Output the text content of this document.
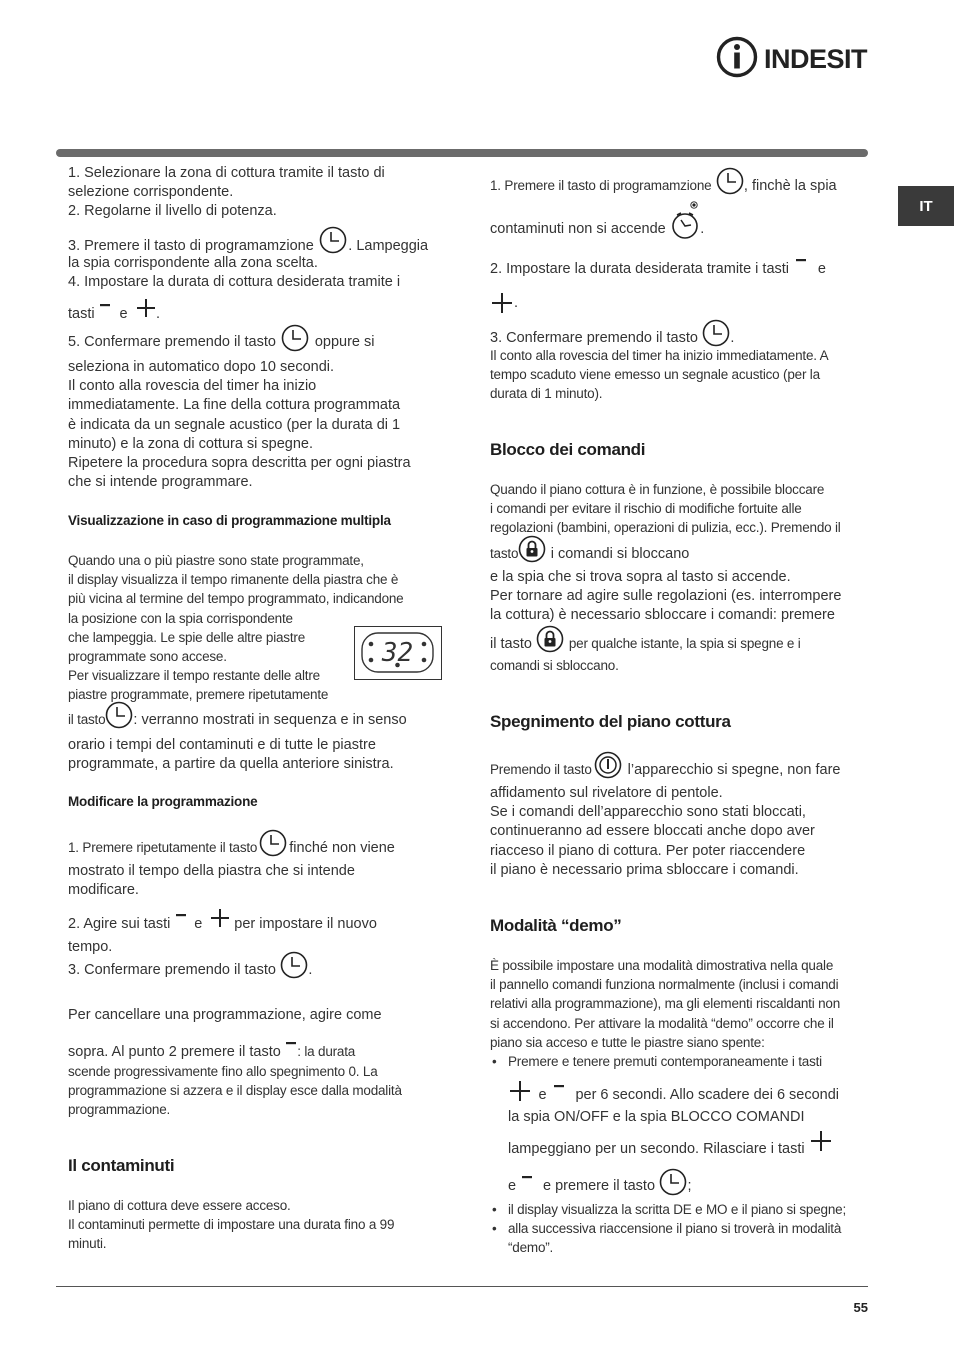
INDESIT
IT

1. Selezionare la zona di cottura tramite il tasto di

selezione corrispondente.

2. Regolarne il livello di potenza.

3. Premere il tasto di programamzione . Lampeggia

la spia corrispondente alla zona scelta.

4. Impostare la durata di cottura desiderata tramite i

tasti e .
5. Confermare premendo il tasto	oppure si

seleziona in automatico dopo 10 secondi.

Il conto alla rovescia del timer ha inizio

immediatamente. La fine della cottura programmata

è indicata da un segnale acustico (per la durata di 1

minuto) e la zona di cottura si spegne.

Ripetere la procedura sopra descritta per ogni piastra

che si intende programmare.

Visualizzazione in caso di programmazione multipla

Quando una o più piastre sono state programmate,

il display visualizza il tempo rimanente della piastra che è

più vicina al termine del tempo programmato, indicandone

la posizione con la spia corrispondente

che lampeggia. Le spie delle altre piastre

programmate sono accese.

Per visualizzare il tempo restante delle altre

piastre programmate, premere ripetutamente

il tasto : verranno mostrati in sequenza e in senso

orario i tempi del contaminuti e di tutte le piastre

programmate, a partire da quella anteriore sinistra.

Modificare la programmazione

1. Premere ripetutamente il tasto finché non viene

mostrato il tempo della piastra che si intende

modificare.

2. Agire sui tasti e per impostare il nuovo

tempo.

3. Confermare premendo il tasto .

Per cancellare una programmazione, agire come

sopra. Al punto 2 premere il tasto : la durata

scende progressivamente fino allo spegnimento 0. La

programmazione si azzera e il display esce dalla modalità

programmazione.

Il contaminuti

Il piano di cottura deve essere acceso.

Il contaminuti permette di impostare una durata fino a 99

minuti.

32
1. Premere il tasto di programamzione , finchè la spia
contaminuti non si accende .
2. Impostare la durata desiderata tramite i tasti e
.
3. Confermare premendo il tasto .

Il conto alla rovescia del timer ha inizio immediatamente. A

tempo scaduto viene emesso un segnale acustico (per la

durata di 1 minuto).

Blocco dei comandi

Quando il piano cottura è in funzione, è possibile bloccare

i comandi per evitare il rischio di modifiche fortuite alle

regolazioni (bambini, operazioni di pulizia, ecc.). Premendo il

tasto i comandi si bloccano

e la spia che si trova sopra al tasto si accende.

Per tornare ad agire sulle regolazioni (es. interrompere

la cottura) è necessario sbloccare i comandi: premere

il tasto	per qualche istante, la spia si spegne e i

comandi si sbloccano.

Spegnimento del piano cottura

Premendo il tasto l’apparecchio si spegne, non fare

affidamento sul rivelatore di pentole.

Se i comandi dell’apparecchio sono stati bloccati,

continueranno ad essere bloccati anche dopo aver

riacceso il piano di cottura. Per poter riaccendere

il piano è necessario prima sbloccare i comandi.

Modalità “demo”

È possibile impostare una modalità dimostrativa nella quale

il pannello comandi funziona normalmente (inclusi i comandi

relativi alla programmazione), ma gli elementi riscaldanti non

si accendono. Per attivare la modalità “demo” occorre che il

piano sia acceso e tutte le piastre siano spente:

• Premere e tenere premuti contemporaneamente i tasti

e per 6 secondi. Allo scadere dei 6 secondi

la spia ON/OFF e la spia BLOCCO COMANDI

lampeggiano per un secondo. Rilasciare i tasti
e e premere il tasto ;

• il display visualizza la scritta DE e MO e il piano si spegne;

• alla successiva riaccensione il piano si troverà in modalità

“demo”.

55
